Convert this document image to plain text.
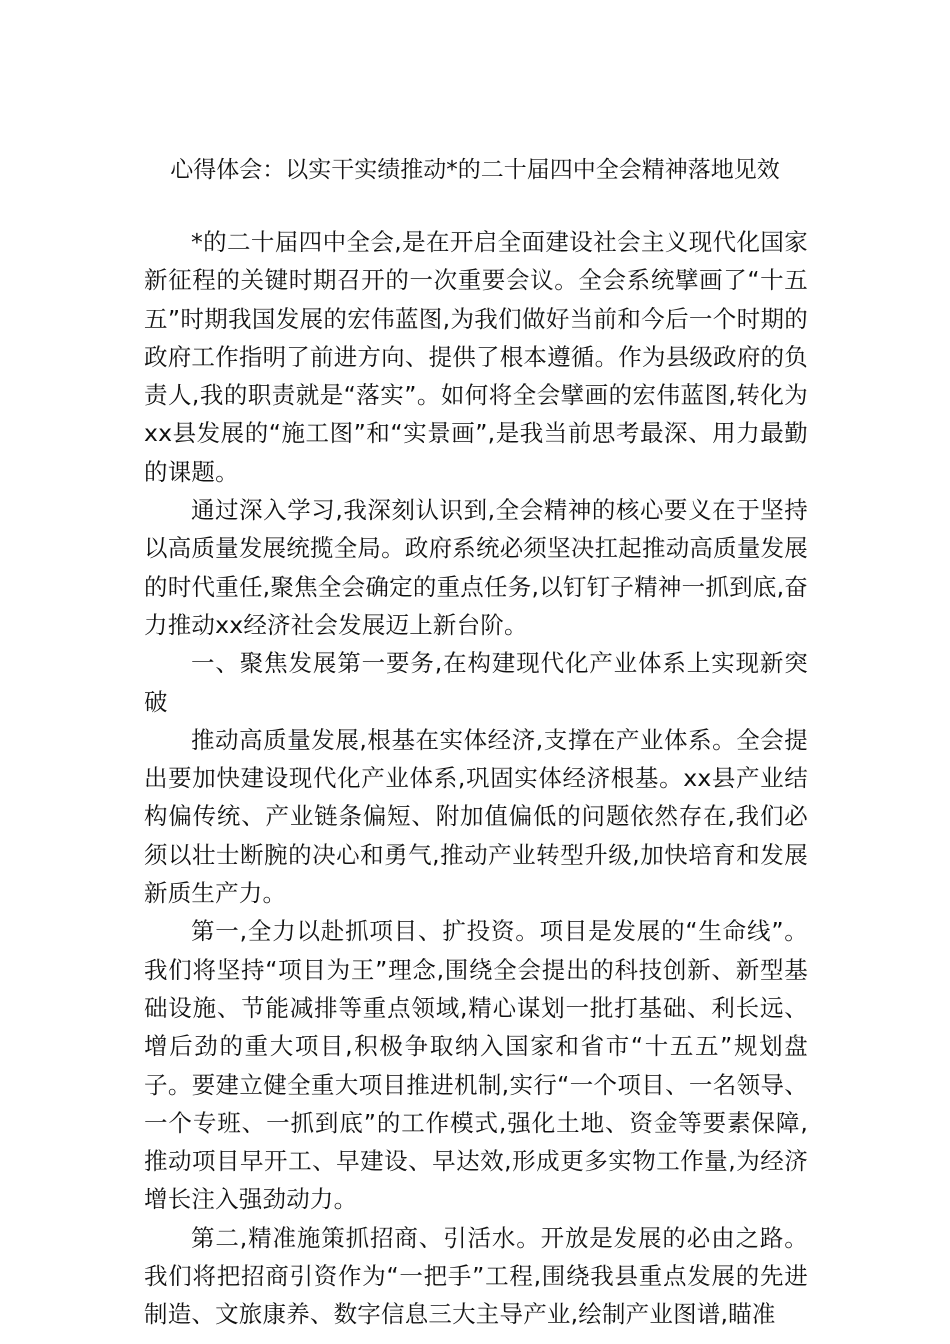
心得体会：以实干实绩推动*的二十届四中全会精神落地见效

*的二十届四中全会,是在开启全面建设社会主义现代化国家新征程的关键时期召开的一次重要会议。全会系统擘画了“十五五”时期我国发展的宏伟蓝图,为我们做好当前和今后一个时期的政府工作指明了前进方向、提供了根本遵循。作为县级政府的负责人,我的职责就是“落实”。如何将全会擘画的宏伟蓝图,转化为xx县发展的“施工图”和“实景画”,是我当前思考最深、用力最勤的课题。

通过深入学习,我深刻认识到,全会精神的核心要义在于坚持以高质量发展统揽全局。政府系统必须坚决扛起推动高质量发展的时代重任,聚焦全会确定的重点任务,以钉钉子精神一抓到底,奋力推动xx经济社会发展迈上新台阶。

一、聚焦发展第一要务,在构建现代化产业体系上实现新突破

推动高质量发展,根基在实体经济,支撑在产业体系。全会提出要加快建设现代化产业体系,巩固实体经济根基。xx县产业结构偏传统、产业链条偏短、附加值偏低的问题依然存在,我们必须以壮士断腕的决心和勇气,推动产业转型升级,加快培育和发展新质生产力。

第一,全力以赴抓项目、扩投资。项目是发展的“生命线”。我们将坚持“项目为王”理念,围绕全会提出的科技创新、新型基础设施、节能减排等重点领域,精心谋划一批打基础、利长远、增后劲的重大项目,积极争取纳入国家和省市“十五五”规划盘子。要建立健全重大项目推进机制,实行“一个项目、一名领导、一个专班、一抓到底”的工作模式,强化土地、资金等要素保障,推动项目早开工、早建设、早达效,形成更多实物工作量,为经济增长注入强劲动力。

第二,精准施策抓招商、引活水。开放是发展的必由之路。我们将把招商引资作为“一把手”工程,围绕我县重点发展的先进制造、文旅康养、数字信息三大主导产业,绘制产业图谱,瞄准
